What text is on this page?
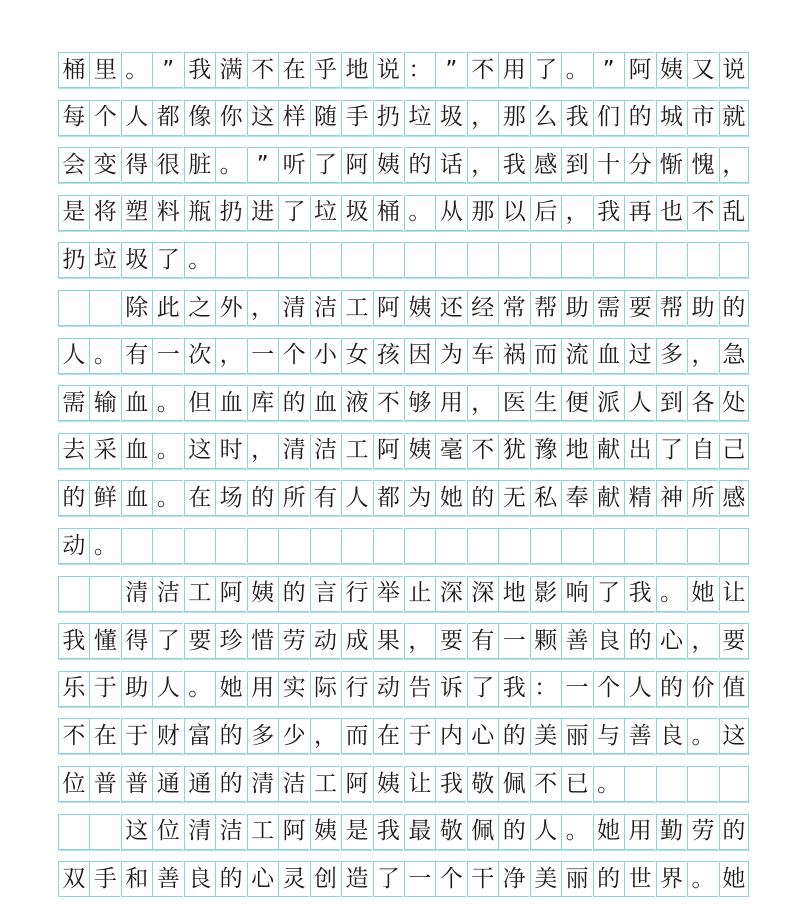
桶 里 。 ” 我 满 不 在 乎 地 说 ： ” 不 用 了 。 ” 阿 姨 又 说
每 个 人 都 像 你 这 样 随 手 扔 垃 圾 ， 那 么 我 们 的 城 市 就
会 变 得 很 脏 。 ” 听 了 阿 姨 的 话 ， 我 感 到 十 分 惭 愧 ，
是 将 塑 料 瓶 扔 进 了 垃 圾 桶 。 从 那 以 后 ， 我 再 也 不 乱
扔 垃 圾 了 。
除 此 之 外 ， 清 洁 工 阿 姨 还 经 常 帮 助 需 要 帮 助 的
人 。 有 一 次 ， 一 个 小 女 孩 因 为 车 祸 而 流 血 过 多 ， 急
需 输 血 。 但 血 库 的 血 液 不 够 用 ， 医 生 便 派 人 到 各 处
去 采 血 。 这 时 ， 清 洁 工 阿 姨 毫 不 犹 豫 地 献 出 了 自 己
的 鲜 血 。 在 场 的 所 有 人 都 为 她 的 无 私 奉 献 精 神 所 感
动 。
清 洁 工 阿 姨 的 言 行 举 止 深 深 地 影 响 了 我 。 她 让
我 懂 得 了 要 珍 惜 劳 动 成 果 ， 要 有 一 颗 善 良 的 心 ， 要
乐 于 助 人 。 她 用 实 际 行 动 告 诉 了 我 ： 一 个 人 的 价 值
不 在 于 财 富 的 多 少 ， 而 在 于 内 心 的 美 丽 与 善 良 。 这
位 普 普 通 通 的 清 洁 工 阿 姨 让 我 敬 佩 不 已 。
这 位 清 洁 工 阿 姨 是 我 最 敬 佩 的 人 。 她 用 勤 劳 的
双 手 和 善 良 的 心 灵 创 造 了 一 个 干 净 美 丽 的 世 界 。 她
